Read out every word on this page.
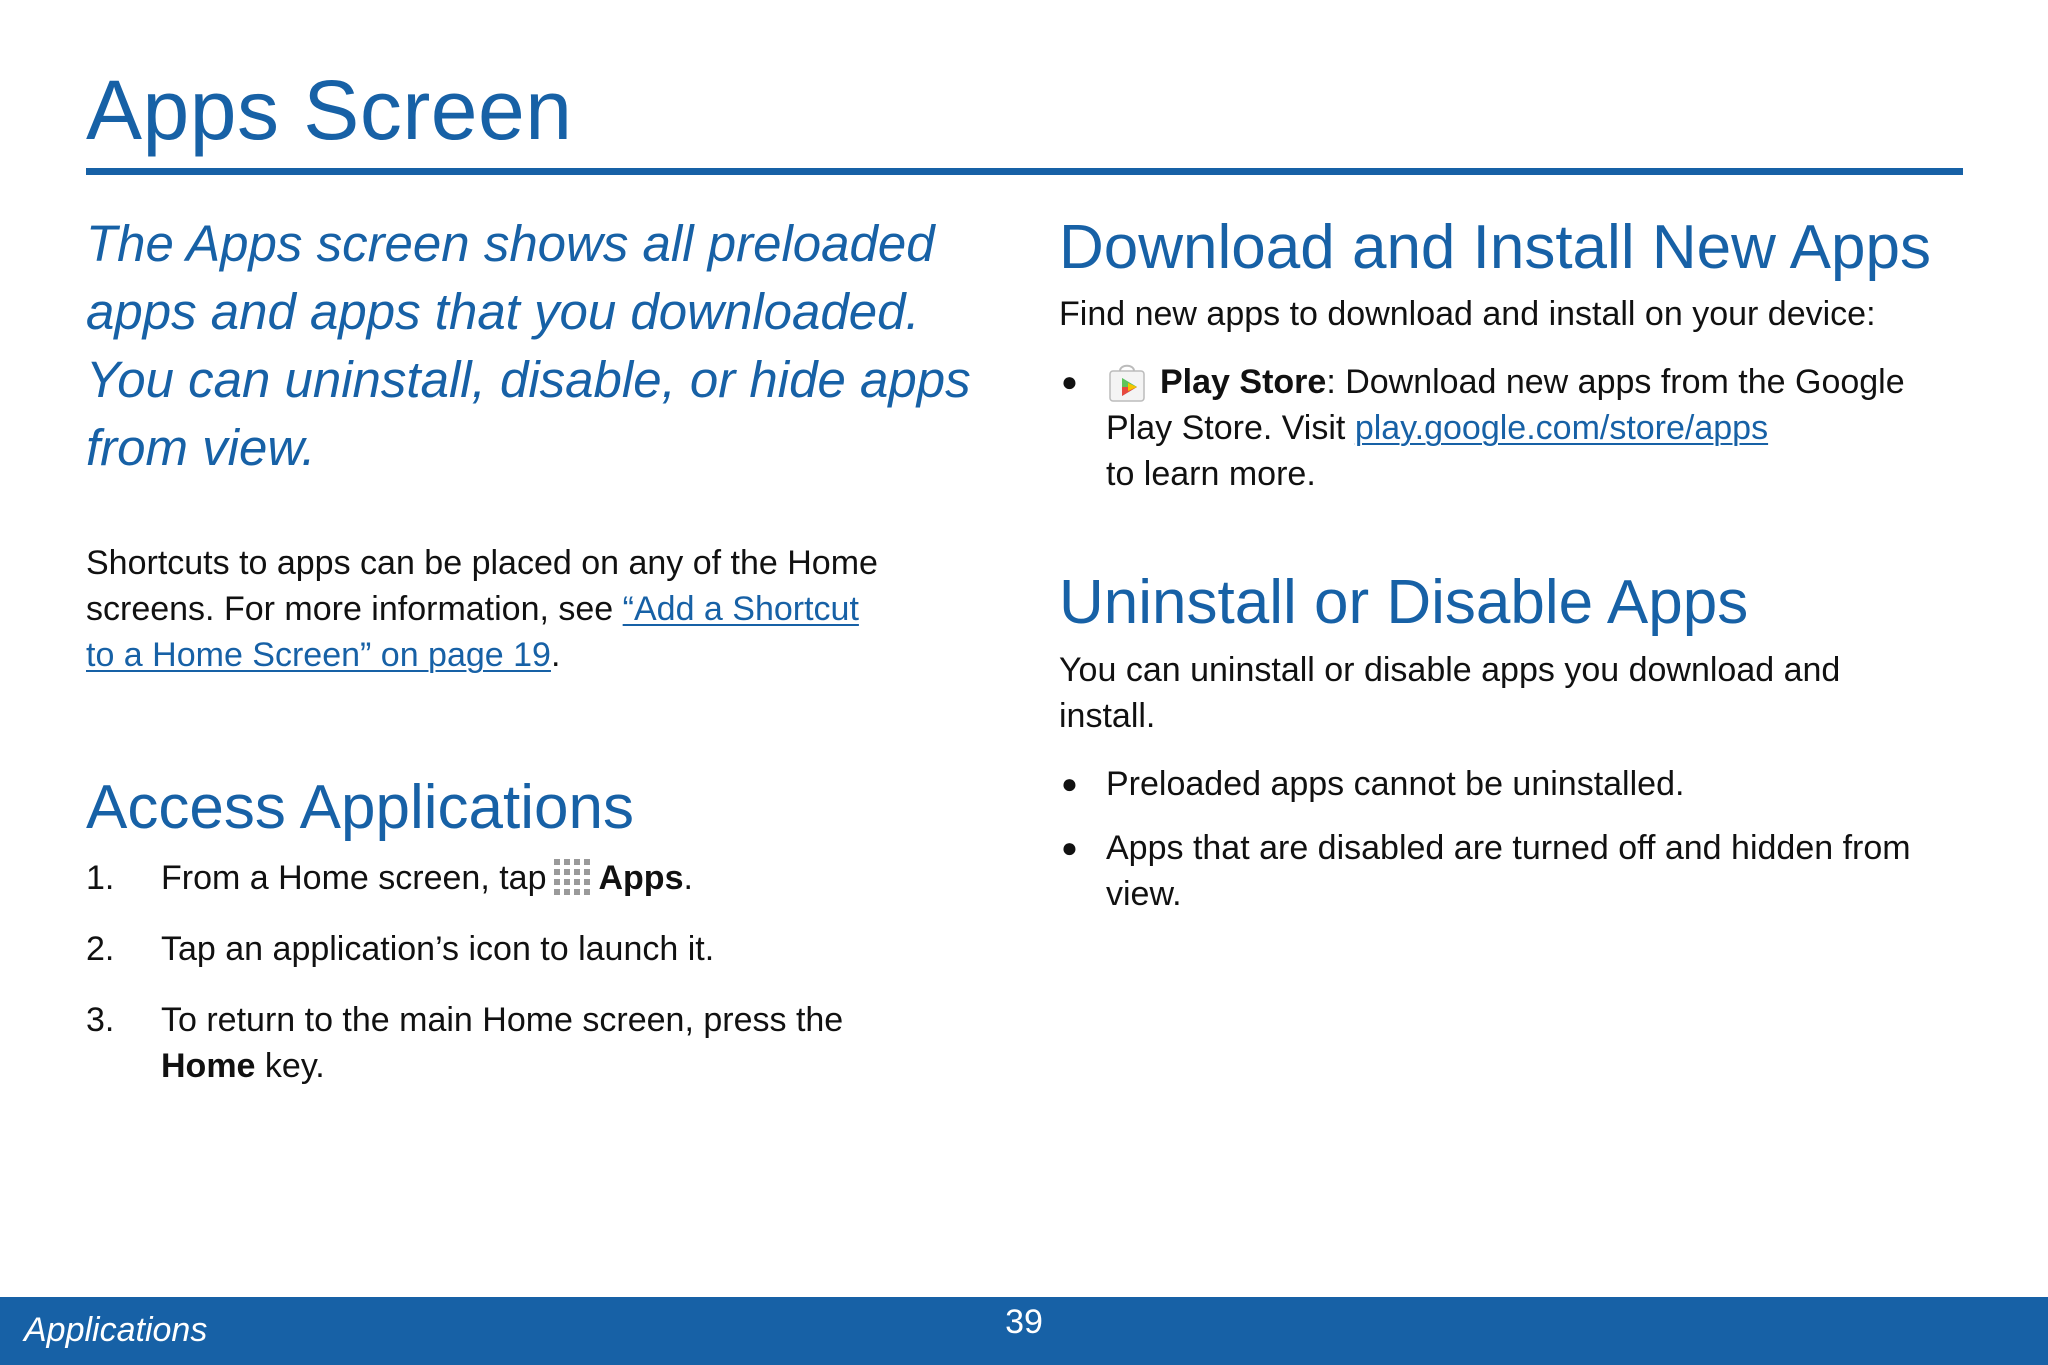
Apps Screen

The Apps screen shows all preloaded apps and apps that you downloaded. You can uninstall, disable, or hide apps from view.

Shortcuts to apps can be placed on any of the Home screens. For more information, see “Add a Shortcut to a Home Screen” on page 19.

Access Applications
1. From a Home screen, tap Apps.
2. Tap an application’s icon to launch it.
3. To return to the main Home screen, press the
Home key.
Download and Install New Apps

Find new apps to download and install on your device:

● Play Store: Download new apps from the Google Play Store. Visit play.google.com/store/apps
to learn more.
Uninstall or Disable Apps

You can uninstall or disable apps you download and install.

● Preloaded apps cannot be uninstalled.
● Apps that are disabled are turned off and hidden from view.
Applications	39
